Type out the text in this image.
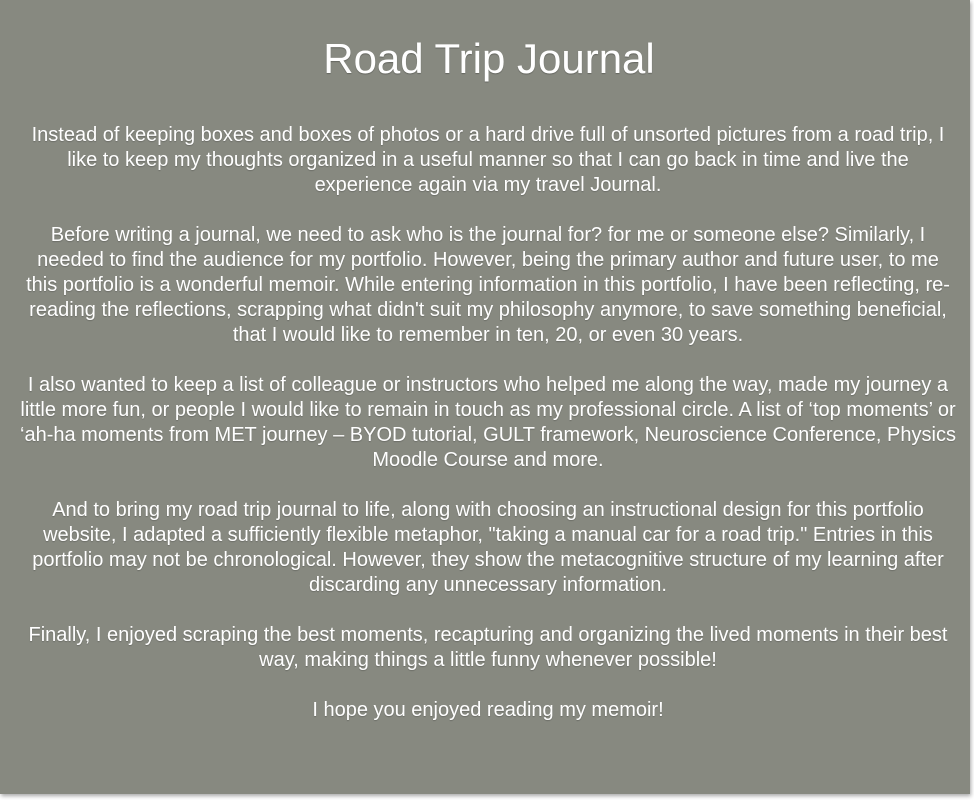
Road Trip Journal

Instead of keeping boxes and boxes of photos or a hard drive full of unsorted pictures from a road trip, I like to keep my thoughts organized in a useful manner so that I can go back in time and live the experience again via my travel Journal.

Before writing a journal, we need to ask who is the journal for? for me or someone else? Similarly, I needed to find the audience for my portfolio. However, being the primary author and future user, to me this portfolio is a wonderful memoir. While entering information in this portfolio, I have been reflecting, re-reading the reflections, scrapping what didn't suit my philosophy anymore, to save something beneficial, that I would like to remember in ten, 20, or even 30 years.

I also wanted to keep a list of colleague or instructors who helped me along the way, made my journey a little more fun, or people I would like to remain in touch as my professional circle. A list of ‘top moments’ or ‘ah-ha moments from MET journey – BYOD tutorial, GULT framework, Neuroscience Conference, Physics Moodle Course and more.

And to bring my road trip journal to life, along with choosing an instructional design for this portfolio website, I adapted a sufficiently flexible metaphor, "taking a manual car for a road trip." Entries in this portfolio may not be chronological. However, they show the metacognitive structure of my learning after discarding any unnecessary information.

Finally, I enjoyed scraping the best moments, recapturing and organizing the lived moments in their best way, making things a little funny whenever possible!

I hope you enjoyed reading my memoir!
